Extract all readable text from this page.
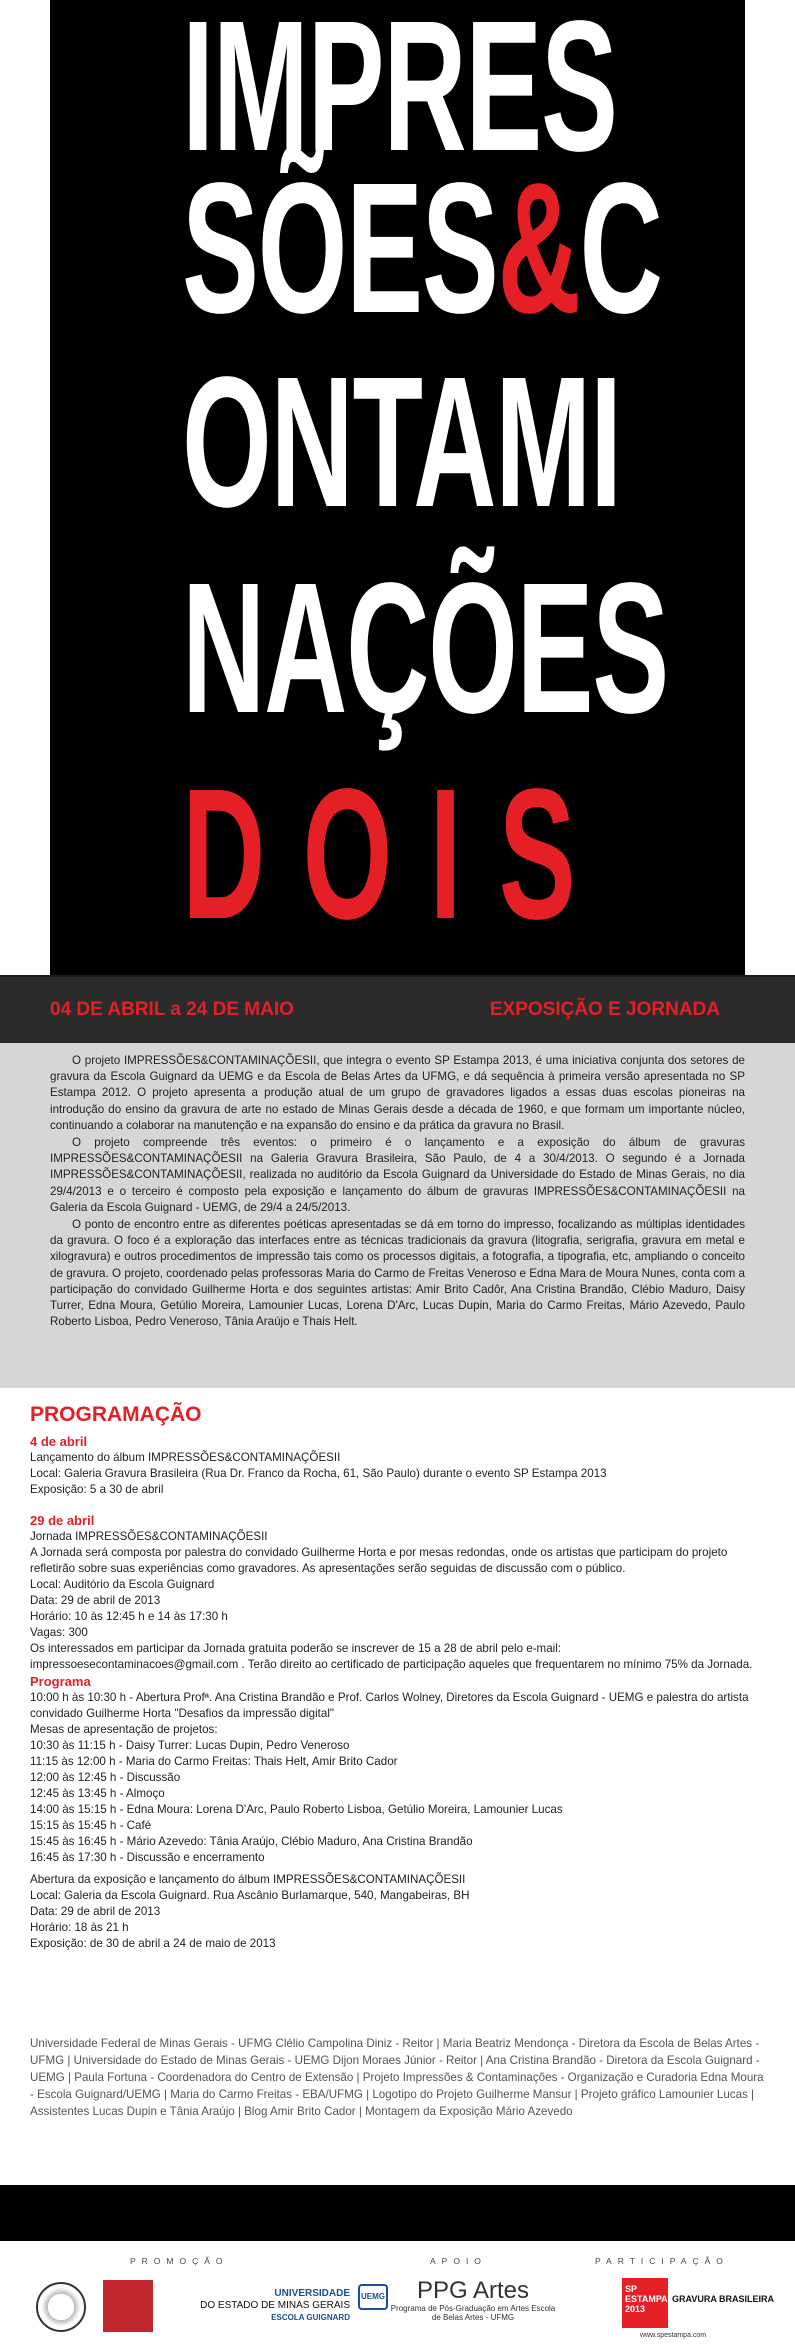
IMPRES
SÕES&C
ONTAMI
NAÇÕES
DOIS
04 DE ABRIL a 24 DE MAIO	EXPOSIÇÃO E JORNADA

O projeto IMPRESSÕES&CONTAMINAÇÕESII, que integra o evento SP Estampa 2013, é uma iniciativa conjunta dos setores de gravura da Escola Guignard da UEMG e da Escola de Belas Artes da UFMG, e dá sequência à primeira versão apresentada no SP Estampa 2012. O projeto apresenta a produção atual de um grupo de gravadores ligados a essas duas escolas pioneiras na introdução do ensino da gravura de arte no estado de Minas Gerais desde a década de 1960, e que formam um importante núcleo, continuando a colaborar na manutenção e na expansão do ensino e da prática da gravura no Brasil.

O projeto compreende três eventos: o primeiro é o lançamento e a exposição do álbum de gravuras IMPRESSÕES&CONTAMINAÇÕESII na Galeria Gravura Brasileira, São Paulo, de 4 a 30/4/2013. O segundo é a Jornada IMPRESSÕES&CONTAMINAÇÕESII, realizada no auditório da Escola Guignard da Universidade do Estado de Minas Gerais, no dia 29/4/2013 e o terceiro é composto pela exposição e lançamento do álbum de gravuras IMPRESSÕES&CONTAMINAÇÕESII na Galeria da Escola Guignard - UEMG, de 29/4 a 24/5/2013.

O ponto de encontro entre as diferentes poéticas apresentadas se dá em torno do impresso, focalizando as múltiplas identidades da gravura. O foco é a exploração das interfaces entre as técnicas tradicionais da gravura (litografia, serigrafia, gravura em metal e xilogravura) e outros procedimentos de impressão tais como os processos digitais, a fotografia, a tipografia, etc, ampliando o conceito de gravura. O projeto, coordenado pelas professoras Maria do Carmo de Freitas Veneroso e Edna Mara de Moura Nunes, conta com a participação do convidado Guilherme Horta e dos seguintes artistas: Amir Brito Cadôr, Ana Cristina Brandão, Clébio Maduro, Daisy Turrer, Edna Moura, Getúlio Moreira, Lamounier Lucas, Lorena D'Arc, Lucas Dupin, Maria do Carmo Freitas, Mário Azevedo, Paulo Roberto Lisboa, Pedro Veneroso, Tânia Araújo e Thais Helt.

PROGRAMAÇÃO
4 de abril
Lançamento do álbum IMPRESSÕES&CONTAMINAÇÕESII
Local: Galeria Gravura Brasileira (Rua Dr. Franco da Rocha, 61, São Paulo) durante o evento SP Estampa 2013
Exposição: 5 a 30 de abril
29 de abril
Jornada IMPRESSÕES&CONTAMINAÇÕESII
A Jornada será composta por palestra do convidado Guilherme Horta e por mesas redondas, onde os artistas que participam do projeto refletirão sobre suas experiências como gravadores. As apresentações serão seguidas de discussão com o público.
Local: Auditório da Escola Guignard
Data: 29 de abril de 2013
Horário: 10 às 12:45 h e 14 às 17:30 h
Vagas: 300
Os interessados em participar da Jornada gratuita poderão se inscrever de 15 a 28 de abril pelo e-mail: impressoesecontaminacoes@gmail.com . Terão direito ao certificado de participação aqueles que frequentarem no mínimo 75% da Jornada.
Programa
10:00 h às 10:30 h - Abertura Profª. Ana Cristina Brandão e Prof. Carlos Wolney, Diretores da Escola Guignard - UEMG e palestra do artista convidado Guilherme Horta "Desafios da impressão digital"
Mesas de apresentação de projetos:
10:30 às 11:15 h - Daisy Turrer: Lucas Dupin, Pedro Veneroso
11:15 às 12:00 h - Maria do Carmo Freitas: Thais Helt, Amir Brito Cador
12:00 às 12:45 h - Discussão
12:45 às 13:45 h - Almoço
14:00 às 15:15 h - Edna Moura: Lorena D'Arc, Paulo Roberto Lisboa, Getúlio Moreira, Lamounier Lucas
15:15 às 15:45 h - Café
15:45 às 16:45 h - Mário Azevedo: Tânia Araújo, Clébio Maduro, Ana Cristina Brandão
16:45 às 17:30 h - Discussão e encerramento
Abertura da exposição e lançamento do álbum IMPRESSÕES&CONTAMINAÇÕESII
Local: Galeria da Escola Guignard. Rua Ascânio Burlamarque, 540, Mangabeiras, BH
Data: 29 de abril de 2013
Horário: 18 às 21 h
Exposição: de 30 de abril a 24 de maio de 2013
Universidade Federal de Minas Gerais - UFMG Clélio Campolina Diniz - Reitor | Maria Beatriz Mendonça - Diretora da Escola de Belas Artes - UFMG | Universidade do Estado de Minas Gerais - UEMG Dijon Moraes Júnior - Reitor | Ana Cristina Brandão - Diretora da Escola Guignard - UEMG | Paula Fortuna - Coordenadora do Centro de Extensão | Projeto Impressões & Contaminações - Organização e Curadoria Edna Moura - Escola Guignard/UEMG | Maria do Carmo Freitas - EBA/UFMG | Logotipo do Projeto Guilherme Mansur | Projeto gráfico Lamounier Lucas | Assistentes Lucas Dupin e Tânia Araújo | Blog Amir Brito Cador | Montagem da Exposição Mário Azevedo
PROMOÇÃO	APOIO	PARTICIPAÇÃO
UNIVERSIDADE
DO ESTADO DE MINAS GERAIS
ESCOLA GUIGNARD
UEMG	PPG Artes
Programa de Pós-Graduação em Artes Escola de Belas Artes - UFMG
SP ESTAMPA 2013
GRAVURA BRASILEIRA
www.spestampa.com
